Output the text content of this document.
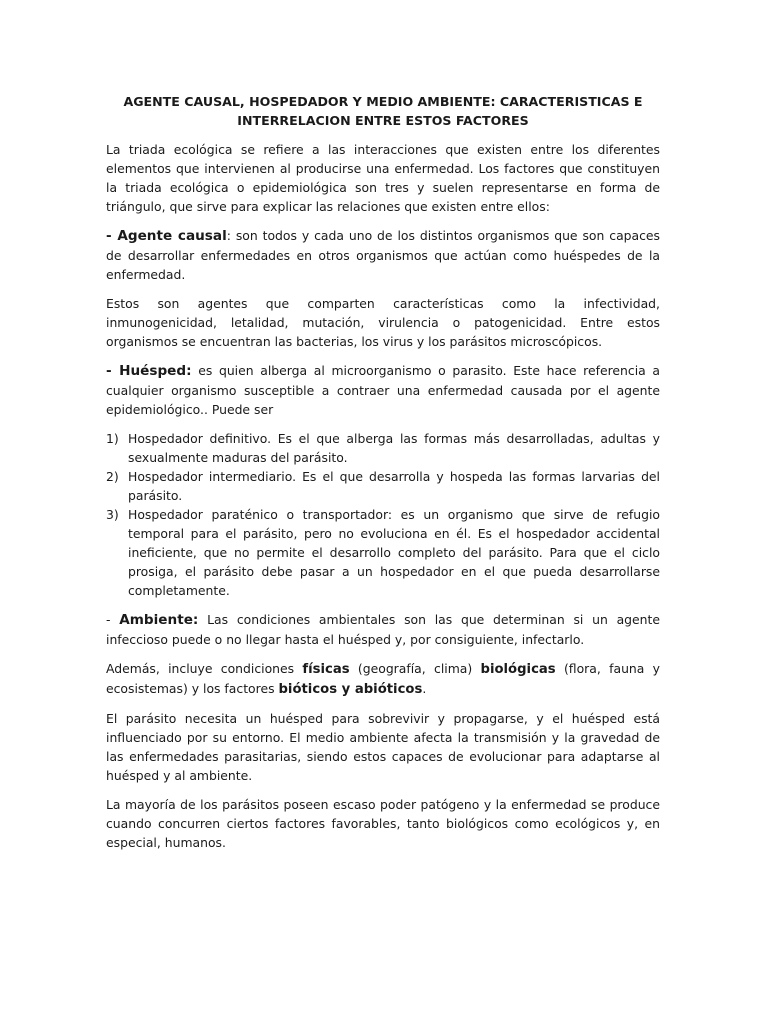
AGENTE CAUSAL, HOSPEDADOR Y MEDIO AMBIENTE: CARACTERISTICAS E
INTERRELACION ENTRE ESTOS FACTORES

La triada ecológica se refiere a las interacciones que existen entre los diferentes elementos que intervienen al producirse una enfermedad. Los factores que constituyen la triada ecológica o epidemiológica son tres y suelen representarse en forma de triángulo, que sirve para explicar las relaciones que existen entre ellos:

- Agente causal: son todos y cada uno de los distintos organismos que son capaces de desarrollar enfermedades en otros organismos que actúan como huéspedes de la enfermedad.

Estos son agentes que comparten características como la infectividad, inmunogenicidad, letalidad, mutación, virulencia o patogenicidad. Entre estos organismos se encuentran las bacterias, los virus y los parásitos microscópicos.

- Huésped: es quien alberga al microorganismo o parasito. Este hace referencia a cualquier organismo susceptible a contraer una enfermedad causada por el agente epidemiológico.. Puede ser

1) Hospedador definitivo. Es el que alberga las formas más desarrolladas, adultas y sexualmente maduras del parásito.
2) Hospedador intermediario. Es el que desarrolla y hospeda las formas larvarias del parásito.
3) Hospedador paraténico o transportador: es un organismo que sirve de refugio temporal para el parásito, pero no evoluciona en él. Es el hospedador accidental ineficiente, que no permite el desarrollo completo del parásito. Para que el ciclo prosiga, el parásito debe pasar a un hospedador en el que pueda desarrollarse completamente.

- Ambiente: Las condiciones ambientales son las que determinan si un agente infeccioso puede o no llegar hasta el huésped y, por consiguiente, infectarlo.

Además, incluye condiciones físicas (geografía, clima) biológicas (flora, fauna y ecosistemas) y los factores bióticos y abióticos.

El parásito necesita un huésped para sobrevivir y propagarse, y el huésped está influenciado por su entorno. El medio ambiente afecta la transmisión y la gravedad de las enfermedades parasitarias, siendo estos capaces de evolucionar para adaptarse al huésped y al ambiente.

La mayoría de los parásitos poseen escaso poder patógeno y la enfermedad se produce cuando concurren ciertos factores favorables, tanto biológicos como ecológicos y, en especial, humanos.
